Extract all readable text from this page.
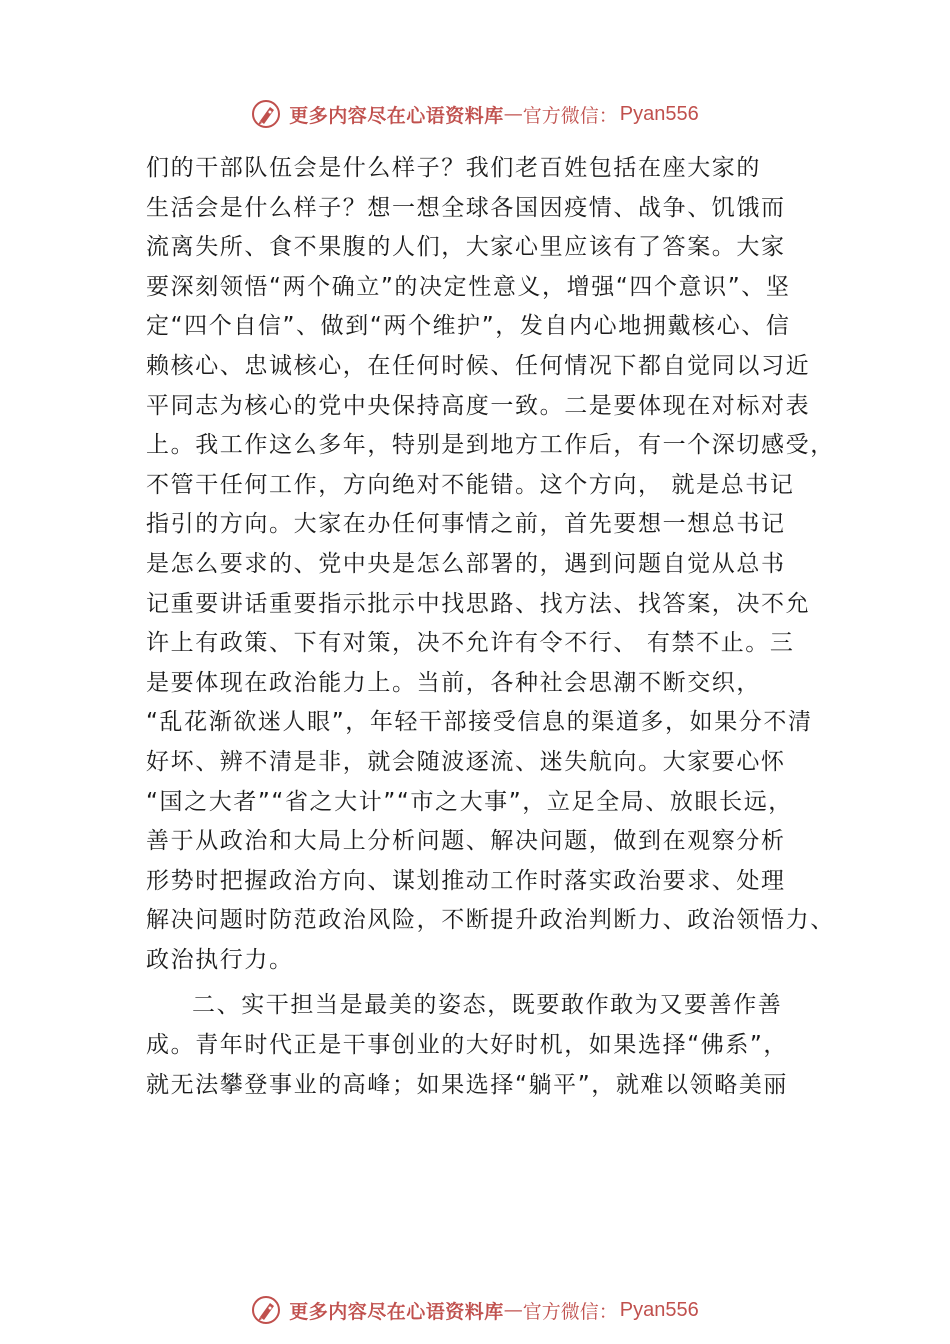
更多内容尽在心语资料库 — 官方微信： Pyan556
们的干部队伍会是什么样子？我们老百姓包括在座大家的
生活会是什么样子？想一想全球各国因疫情、战争、饥饿而
流离失所、食不果腹的人们，大家心里应该有了答案。大家
要深刻领悟“两个确立”的决定性意义，增强“四个意识”、坚
定“四个自信”、做到“两个维护”，发自内心地拥戴核心、信
赖核心、忠诚核心，在任何时候、任何情况下都自觉同以习近
平同志为核心的党中央保持高度一致。二是要体现在对标对表
上。我工作这么多年，特别是到地方工作后，有一个深切感受，
不管干任何工作，方向绝对不能错。这个方向， 就是总书记
指引的方向。大家在办任何事情之前，首先要想一想总书记
是怎么要求的、党中央是怎么部署的，遇到问题自觉从总书
记重要讲话重要指示批示中找思路、找方法、找答案，决不允
许上有政策、下有对策，决不允许有令不行、 有禁不止。三
是要体现在政治能力上。当前，各种社会思潮不断交织，
“乱花渐欲迷人眼”，年轻干部接受信息的渠道多，如果分不清
好坏、辨不清是非，就会随波逐流、迷失航向。大家要心怀
“国之大者”“省之大计”“市之大事”，立足全局、放眼长远，
善于从政治和大局上分析问题、解决问题，做到在观察分析
形势时把握政治方向、谋划推动工作时落实政治要求、处理
解决问题时防范政治风险，不断提升政治判断力、政治领悟力、
政治执行力。
二、实干担当是最美的姿态，既要敢作敢为又要善作善
成。青年时代正是干事创业的大好时机，如果选择“佛系”，
就无法攀登事业的高峰；如果选择“躺平”，就难以领略美丽
更多内容尽在心语资料库 — 官方微信： Pyan556
